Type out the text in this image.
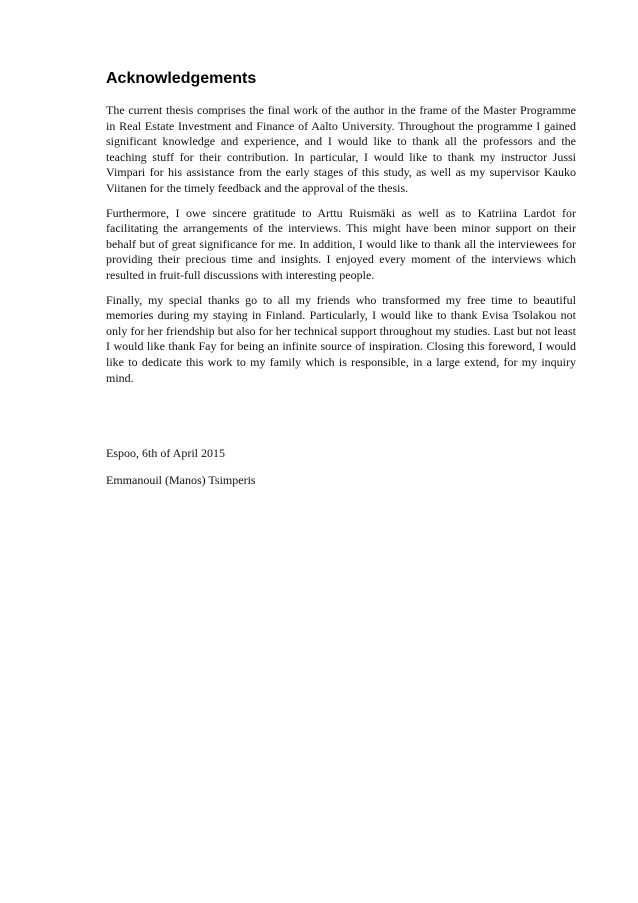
Acknowledgements

The current thesis comprises the final work of the author in the frame of the Master Programme in Real Estate Investment and Finance of Aalto University. Throughout the programme I gained significant knowledge and experience, and I would like to thank all the professors and the teaching stuff for their contribution. In particular, I would like to thank my instructor Jussi Vimpari for his assistance from the early stages of this study, as well as my supervisor Kauko Viitanen for the timely feedback and the approval of the thesis.

Furthermore, I owe sincere gratitude to Arttu Ruismäki as well as to Katriina Lardot for facilitating the arrangements of the interviews. This might have been minor support on their behalf but of great significance for me. In addition, I would like to thank all the interviewees for providing their precious time and insights. I enjoyed every moment of the interviews which resulted in fruit-full discussions with interesting people.

Finally, my special thanks go to all my friends who transformed my free time to beautiful memories during my staying in Finland. Particularly, I would like to thank Evisa Tsolakou not only for her friendship but also for her technical support throughout my studies. Last but not least I would like thank Fay for being an infinite source of inspiration. Closing this foreword, I would like to dedicate this work to my family which is responsible, in a large extend, for my inquiry mind.

Espoo, 6th of April 2015

Emmanouil (Manos) Tsimperis
